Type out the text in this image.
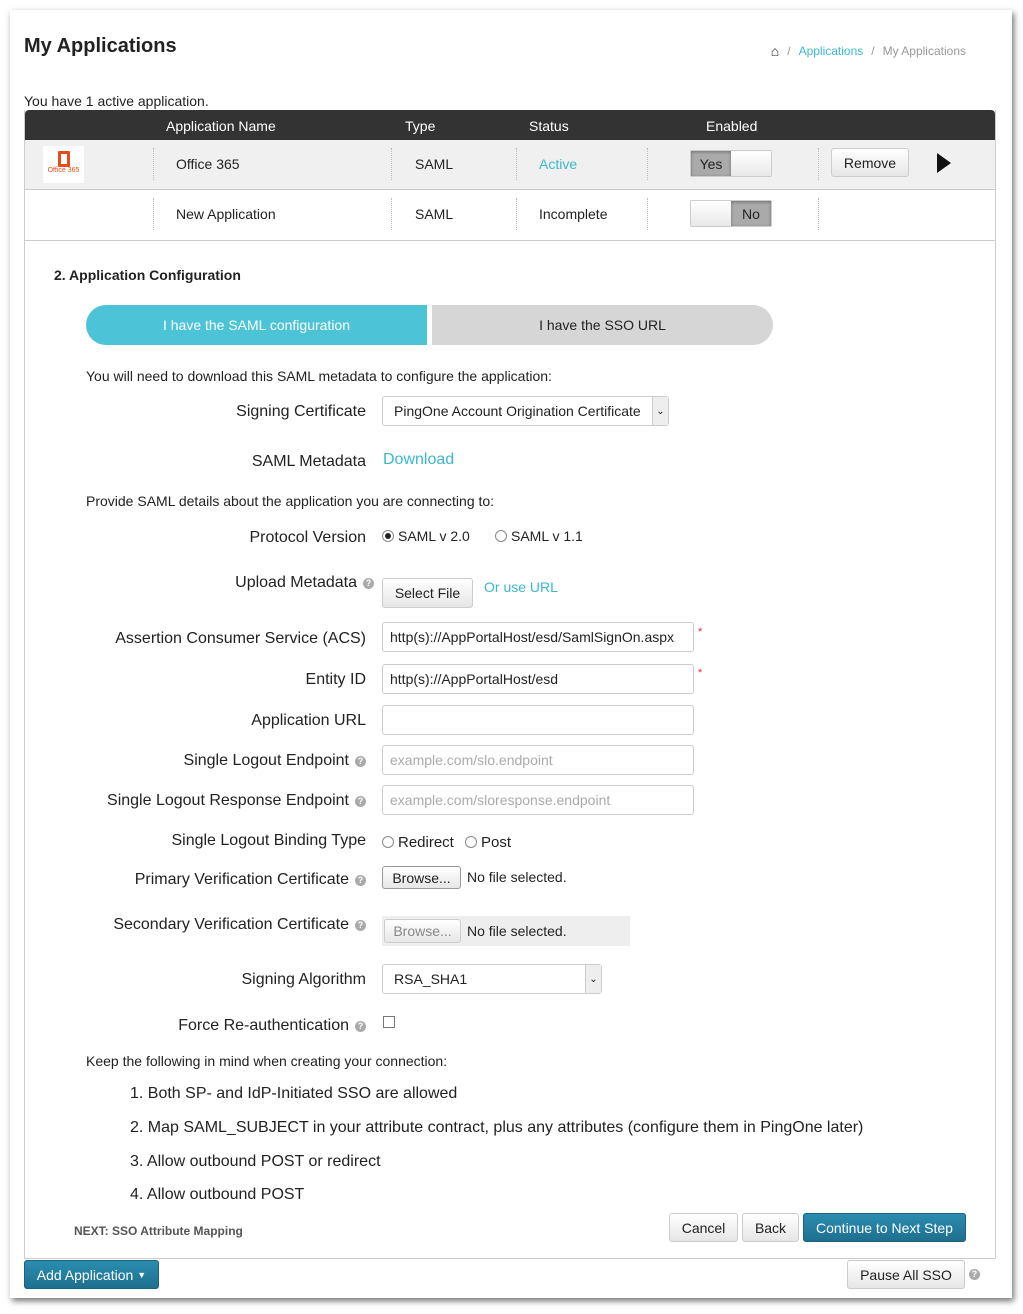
My Applications	⌂ / Applications / My Applications
You have 1 active application.
Application Name	Type	Status	Enabled
Office 365	Office 365	SAML	Active	Yes	Remove
New Application	SAML	Incomplete	No
2. Application Configuration
I have the SAML configuration	I have the SSO URL
You will need to download this SAML metadata to configure the application:
Signing Certificate PingOne Account Origination Certificate	⌄
SAML Metadata Download
Provide SAML details about the application you are connecting to:
Protocol Version	SAML v 2.0	SAML v 1.1
Upload Metadata ?
Select File	Or use URL
Assertion Consumer Service (ACS)	http(s)://AppPortalHost/esd/SamlSignOn.aspx	*
Entity ID	http(s)://AppPortalHost/esd	*
Application URL
Single Logout Endpoint ?	example.com/slo.endpoint
Single Logout Response Endpoint ?	example.com/sloresponse.endpoint
Single Logout Binding Type	Redirect	Post
Primary Verification Certificate ?	Browse...	No file selected.
Secondary Verification Certificate ?	Browse...	No file selected.
Signing Algorithm RSA_SHA1	⌄
Force Re-authentication ?
Keep the following in mind when creating your connection:
1. Both SP- and IdP-Initiated SSO are allowed
2. Map SAML_SUBJECT in your attribute contract, plus any attributes (configure them in PingOne later)
3. Allow outbound POST or redirect
4. Allow outbound POST
NEXT: SSO Attribute Mapping	Cancel	Back	Continue to Next Step
Add Application ▼	Pause All SSO	?
